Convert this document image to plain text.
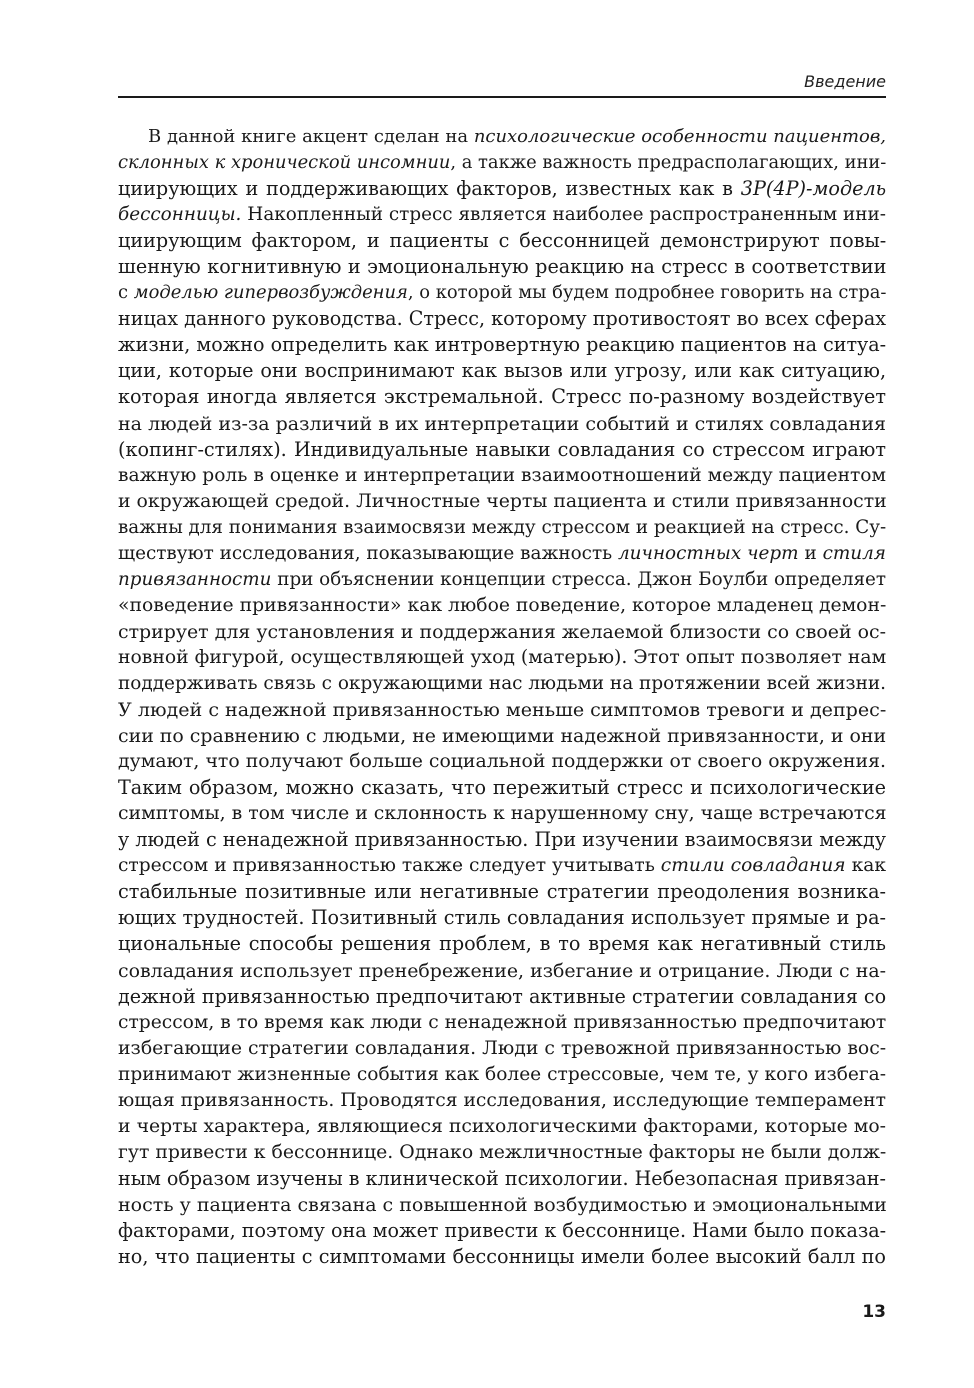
Введение
В данной книге акцент сделан на психологические особенности пациентов,
склонных к хронической инсомнии, а также важность предрасполагающих, ини-
циирующих и поддерживающих факторов, известных как в 3P(4P)-модель
бессонницы. Накопленный стресс является наиболее распространенным ини-
циирующим фактором, и пациенты с бессонницей демонстрируют повы-
шенную когнитивную и эмоциональную реакцию на стресс в соответствии
с моделью гипервозбуждения, о которой мы будем подробнее говорить на стра-
ницах данного руководства. Стресс, которому противостоят во всех сферах
жизни, можно определить как интровертную реакцию пациентов на ситуа-
ции, которые они воспринимают как вызов или угрозу, или как ситуацию,
которая иногда является экстремальной. Стресс по-разному воздействует
на людей из-за различий в их интерпретации событий и стилях совладания
(копинг-стилях). Индивидуальные навыки совладания со стрессом играют
важную роль в оценке и интерпретации взаимоотношений между пациентом
и окружающей средой. Личностные черты пациента и стили привязанности
важны для понимания взаимосвязи между стрессом и реакцией на стресс. Су-
ществуют исследования, показывающие важность личностных черт и стиля
привязанности при объяснении концепции стресса. Джон Боулби определяет
«поведение привязанности» как любое поведение, которое младенец демон-
стрирует для установления и поддержания желаемой близости со своей ос-
новной фигурой, осуществляющей уход (матерью). Этот опыт позволяет нам
поддерживать связь с окружающими нас людьми на протяжении всей жизни.
У людей с надежной привязанностью меньше симптомов тревоги и депрес-
сии по сравнению с людьми, не имеющими надежной привязанности, и они
думают, что получают больше социальной поддержки от своего окружения.
Таким образом, можно сказать, что пережитый стресс и психологические
симптомы, в том числе и склонность к нарушенному сну, чаще встречаются
у людей с ненадежной привязанностью. При изучении взаимосвязи между
стрессом и привязанностью также следует учитывать стили совладания как
стабильные позитивные или негативные стратегии преодоления возника-
ющих трудностей. Позитивный стиль совладания использует прямые и ра-
циональные способы решения проблем, в то время как негативный стиль
совладания использует пренебрежение, избегание и отрицание. Люди с на-
дежной привязанностью предпочитают активные стратегии совладания со
стрессом, в то время как люди с ненадежной привязанностью предпочитают
избегающие стратегии совладания. Люди с тревожной привязанностью вос-
принимают жизненные события как более стрессовые, чем те, у кого избега-
ющая привязанность. Проводятся исследования, исследующие темперамент
и черты характера, являющиеся психологическими факторами, которые мо-
гут привести к бессоннице. Однако межличностные факторы не были долж-
ным образом изучены в клинической психологии. Небезопасная привязан-
ность у пациента связана с повышенной возбудимостью и эмоциональными
факторами, поэтому она может привести к бессоннице. Нами было показа-
но, что пациенты с симптомами бессонницы имели более высокий балл по
13
